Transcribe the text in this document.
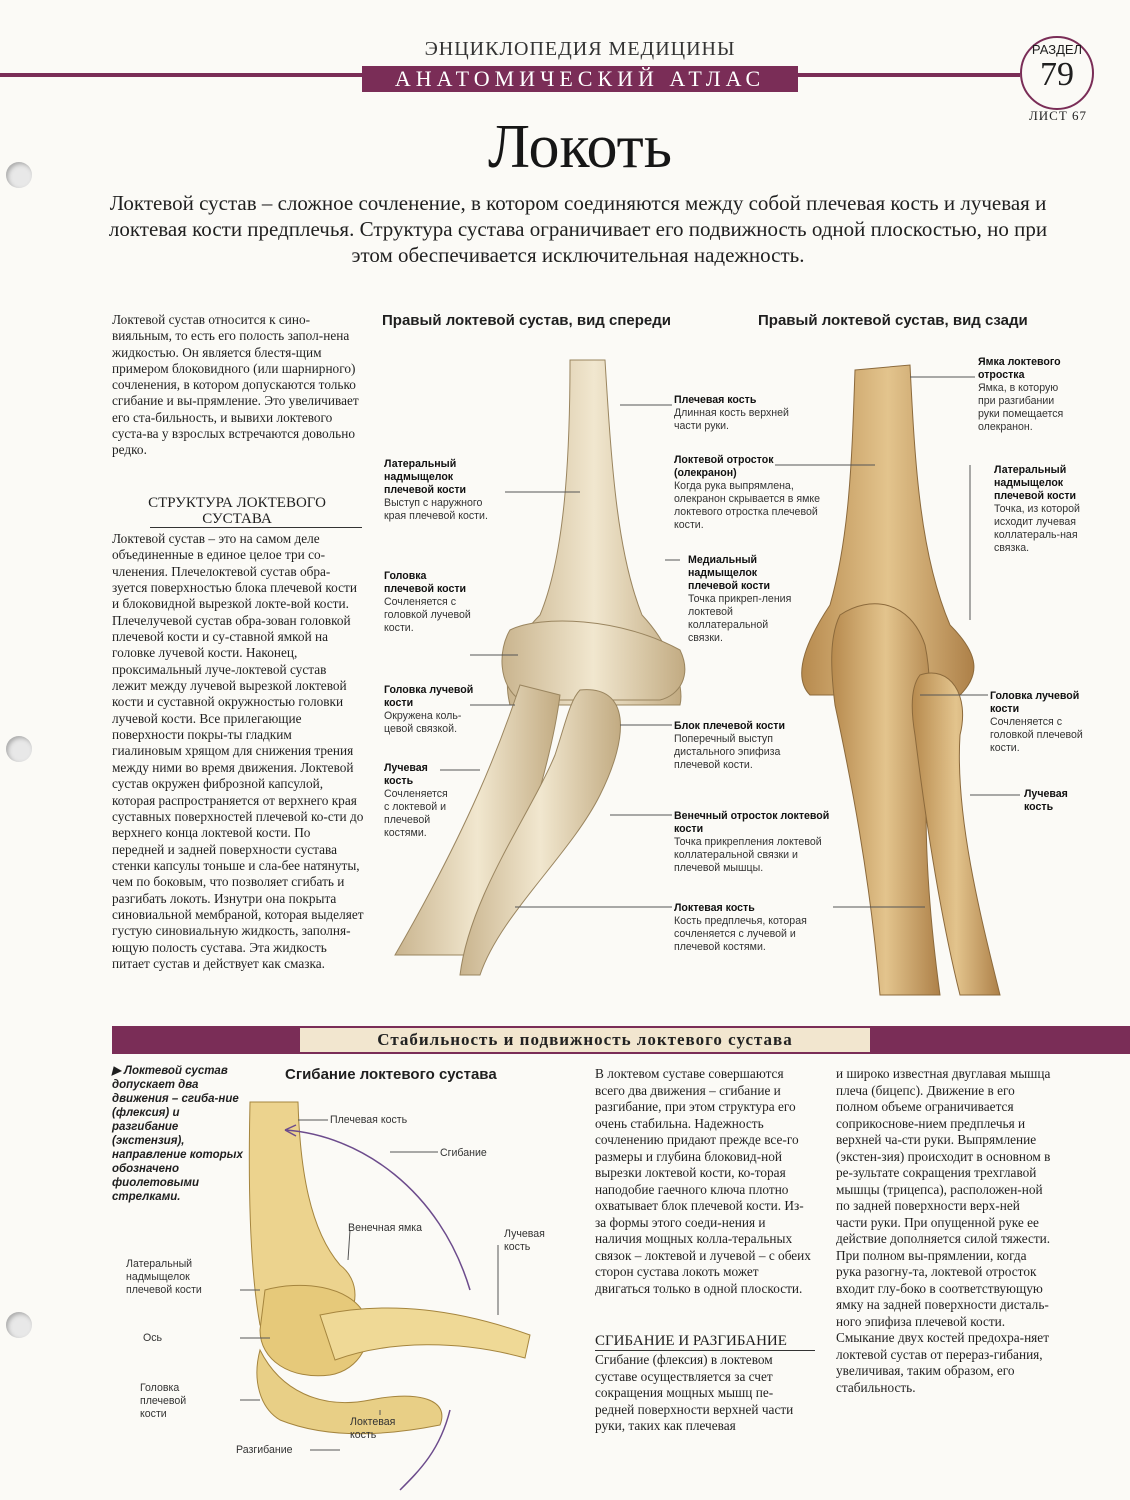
ЭНЦИКЛОПЕДИЯ МЕДИЦИНЫ
АНАТОМИЧЕСКИЙ АТЛАС
РАЗДЕЛ
79
ЛИСТ 67
Локоть
Локтевой сустав – сложное сочленение, в котором соединяются между собой плечевая кость и лучевая и локтевая кости предплечья. Структура сустава ограничивает его подвижность одной плоскостью, но при этом обеспечивается исключительная надежность.
Локтевой сустав относится к сино-вияльным, то есть его полость запол-нена жидкостью. Он является блестя-щим примером блоковидного (или шарнирного) сочленения, в котором допускаются только сгибание и вы-прямление. Это увеличивает его ста-бильность, и вывихи локтевого суста-ва у взрослых встречаются довольно редко.
СТРУКТУРА ЛОКТЕВОГО СУСТАВА
Локтевой сустав – это на самом деле объединенные в единое целое три со-членения. Плечелоктевой сустав обра-зуется поверхностью блока плечевой кости и блоковидной вырезкой локте-вой кости. Плечелучевой сустав обра-зован головкой плечевой кости и су-ставной ямкой на головке лучевой кости. Наконец, проксимальный луче-локтевой сустав лежит между лучевой вырезкой локтевой кости и суставной окружностью головки лучевой кости. Все прилегающие поверхности покры-ты гладким гиалиновым хрящом для снижения трения между ними во время движения. Локтевой сустав окружен фиброзной капсулой, которая распространяется от верхнего края суставных поверхностей плечевой ко-сти до верхнего конца локтевой кости. По передней и задней поверхности сустава стенки капсулы тоньше и сла-бее натянуты, чем по боковым, что позволяет сгибать и разгибать локоть. Изнутри она покрыта синовиальной мембраной, которая выделяет густую синовиальную жидкость, заполня-ющую полость сустава. Эта жидкость питает сустав и действует как смазка.
Правый локтевой сустав, вид спереди	Правый локтевой сустав, вид сзади
Латеральный надмыщелок плечевой кости
Выступ с наружного края плечевой кости.
Головка плечевой кости
Сочленяется с головкой лучевой кости.
Головка лучевой кости
Окружена коль-цевой связкой.
Лучевая кость
Сочленяется с локтевой и плечевой костями.
Плечевая кость
Длинная кость верхней части руки.
Локтевой отросток (олекранон)
Когда рука выпрямлена, олекранон скрывается в ямке локтевого отростка плечевой кости.
Медиальный надмыщелок плечевой кости
Точка прикреп-ления локтевой коллатеральной связки.
Блок плечевой кости
Поперечный выступ дистального эпифиза плечевой кости.
Венечный отросток локтевой кости
Точка прикрепления локтевой коллатеральной связки и плечевой мышцы.
Локтевая кость
Кость предплечья, которая сочленяется с лучевой и плечевой костями.
Ямка локтевого отростка
Ямка, в которую при разгибании руки помещается олекранон.
Латеральный надмыщелок плечевой кости
Точка, из которой исходит лучевая коллатераль-ная связка.
Головка лучевой кости
Сочленяется с головкой плечевой кости.
Лучевая кость
Стабильность и подвижность локтевого сустава
▶ Локтевой сустав допускает два движения – сгиба-ние (флексия) и разгибание (экстензия), направление которых обозначено фиолетовыми стрелками.
Сгибание локтевого сустава
Плечевая кость
Сгибание
Венечная ямка	Лучевая кость
Латеральный надмыщелок плечевой кости
Ось
Головка плечевой кости
Локтевая кость
Разгибание
В локтевом суставе совершаются всего два движения – сгибание и разгибание, при этом структура его очень стабильна. Надежность сочленению придают прежде все-го размеры и глубина блоковид-ной вырезки локтевой кости, ко-торая наподобие гаечного ключа плотно охватывает блок плечевой кости. Из-за формы этого соеди-нения и наличия мощных колла-теральных связок – локтевой и лучевой – с обеих сторон сустава локоть может двигаться только в одной плоскости.
СГИБАНИЕ И РАЗГИБАНИЕ
Сгибание (флексия) в локтевом суставе осуществляется за счет сокращения мощных мышц пе-редней поверхности верхней части руки, таких как плечевая
и широко известная двуглавая мышца плеча (бицепс). Движение в его полном объеме ограничивается соприкоснове-нием предплечья и верхней ча-сти руки. Выпрямление (экстен-зия) происходит в основном в ре-зультате сокращения трехглавой мышцы (трицепса), расположен-ной по задней поверхности верх-ней части руки. При опущенной руке ее действие дополняется силой тяжести. При полном вы-прямлении, когда рука разогну-та, локтевой отросток входит глу-боко в соответствующую ямку на задней поверхности дисталь-ного эпифиза плечевой кости. Смыкание двух костей предохра-няет локтевой сустав от перераз-гибания, увеличивая, таким образом, его стабильность.
